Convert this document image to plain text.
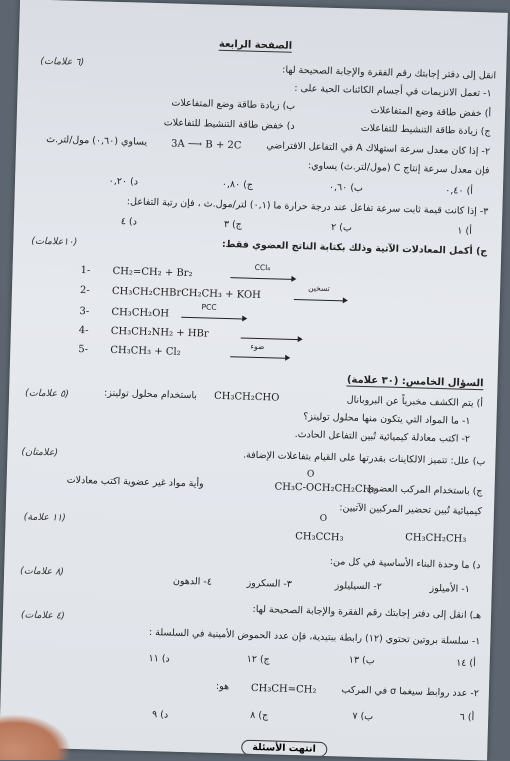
الصفحة الرابعة
(٦ علامات)
انقل إلى دفتر إجابتك رقم الفقرة والإجابة الصحيحة لها:
١- تعمل الانزيمات في أجسام الكائنات الحية على :
أ) خفض طاقة وضع المتفاعلات
ب) زيادة طاقة وضع المتفاعلات
ج) زيادة طاقة التنشيط للتفاعلات
د) خفض طاقة التنشيط للتفاعلات
٢- إذا كان معدل سرعة استهلاك A في التفاعل الافتراضي
3A ⟶ B + 2C
يساوي (٠,٦٠) مول/لتر.ث
فإن معدل سرعة إنتاج C (مول/لتر.ث) يساوي:
أ) ٠,٤٠
ب) ٠,٦٠
ج) ٠,٨٠
د) ٠,٢٠
٣- إذا كانت قيمة ثابت سرعة تفاعل عند درجة حرارة ما (٠,١) لتر/مول.ث ، فإن رتبة التفاعل:
أ) ١
ب) ٢
ج) ٣
د) ٤
(١٠علامات)	ج) أكمل المعادلات الآتية وذلك بكتابة الناتج العضوي فقط:
1- CH₂=CH₂ + Br₂	CCl₄
2- CH₃CH₂CHBrCH₂CH₃ + KOH	تسخين
3- CH₃CH₂OH	PCC
4- CH₃CH₂NH₂ + HBr
5- CH₃CH₃ + Cl₂	ضوء
السؤال الخامس: (٣٠ علامة)
(٥ علامات)
أ) يتم الكشف مخبرياً عن البروبانال
CH₃CH₂CHO
باستخدام محلول تولينز:
١- ما المواد التي يتكون منها محلول تولينز؟
٢- اكتب معادلة كيميائية تُبين التفاعل الحادث.
(علامتان)	ب) علل: تتميز الالكاينات بقدرتها على القيام بتفاعلات الإضافة.
O
ج) باستخدام المركب العضوي
CH₃C-OCH₂CH₂CH₃
وأية مواد غير عضوية اكتب معادلات
(١١ علامة)
كيميائية تُبين تحضير المركبين الآتيين:
O
CH₃CCH₃	CH₃CH₂CH₃
د) ما وحدة البناء الأساسية في كل من:
(٨ علامات)
١- الأميلوز
٢- السيليلوز
٣- السكروز
٤- الدهون
هـ) انقل إلى دفتر إجابتك رقم الفقرة والإجابة الصحيحة لها:
(٤ علامات)
١- سلسلة بروتين تحتوي (١٢) رابطة ببتيدية، فإن عدد الحموض الأمينية في السلسلة :
أ) ١٤
ب) ١٣
ج) ١٢
د) ١١
٢- عدد روابط سيغما σ في المركب
CH₃CH=CH₂
هو:
أ) ٦
ب) ٧
ج) ٨
د) ٩
انتهت الأسئلة
